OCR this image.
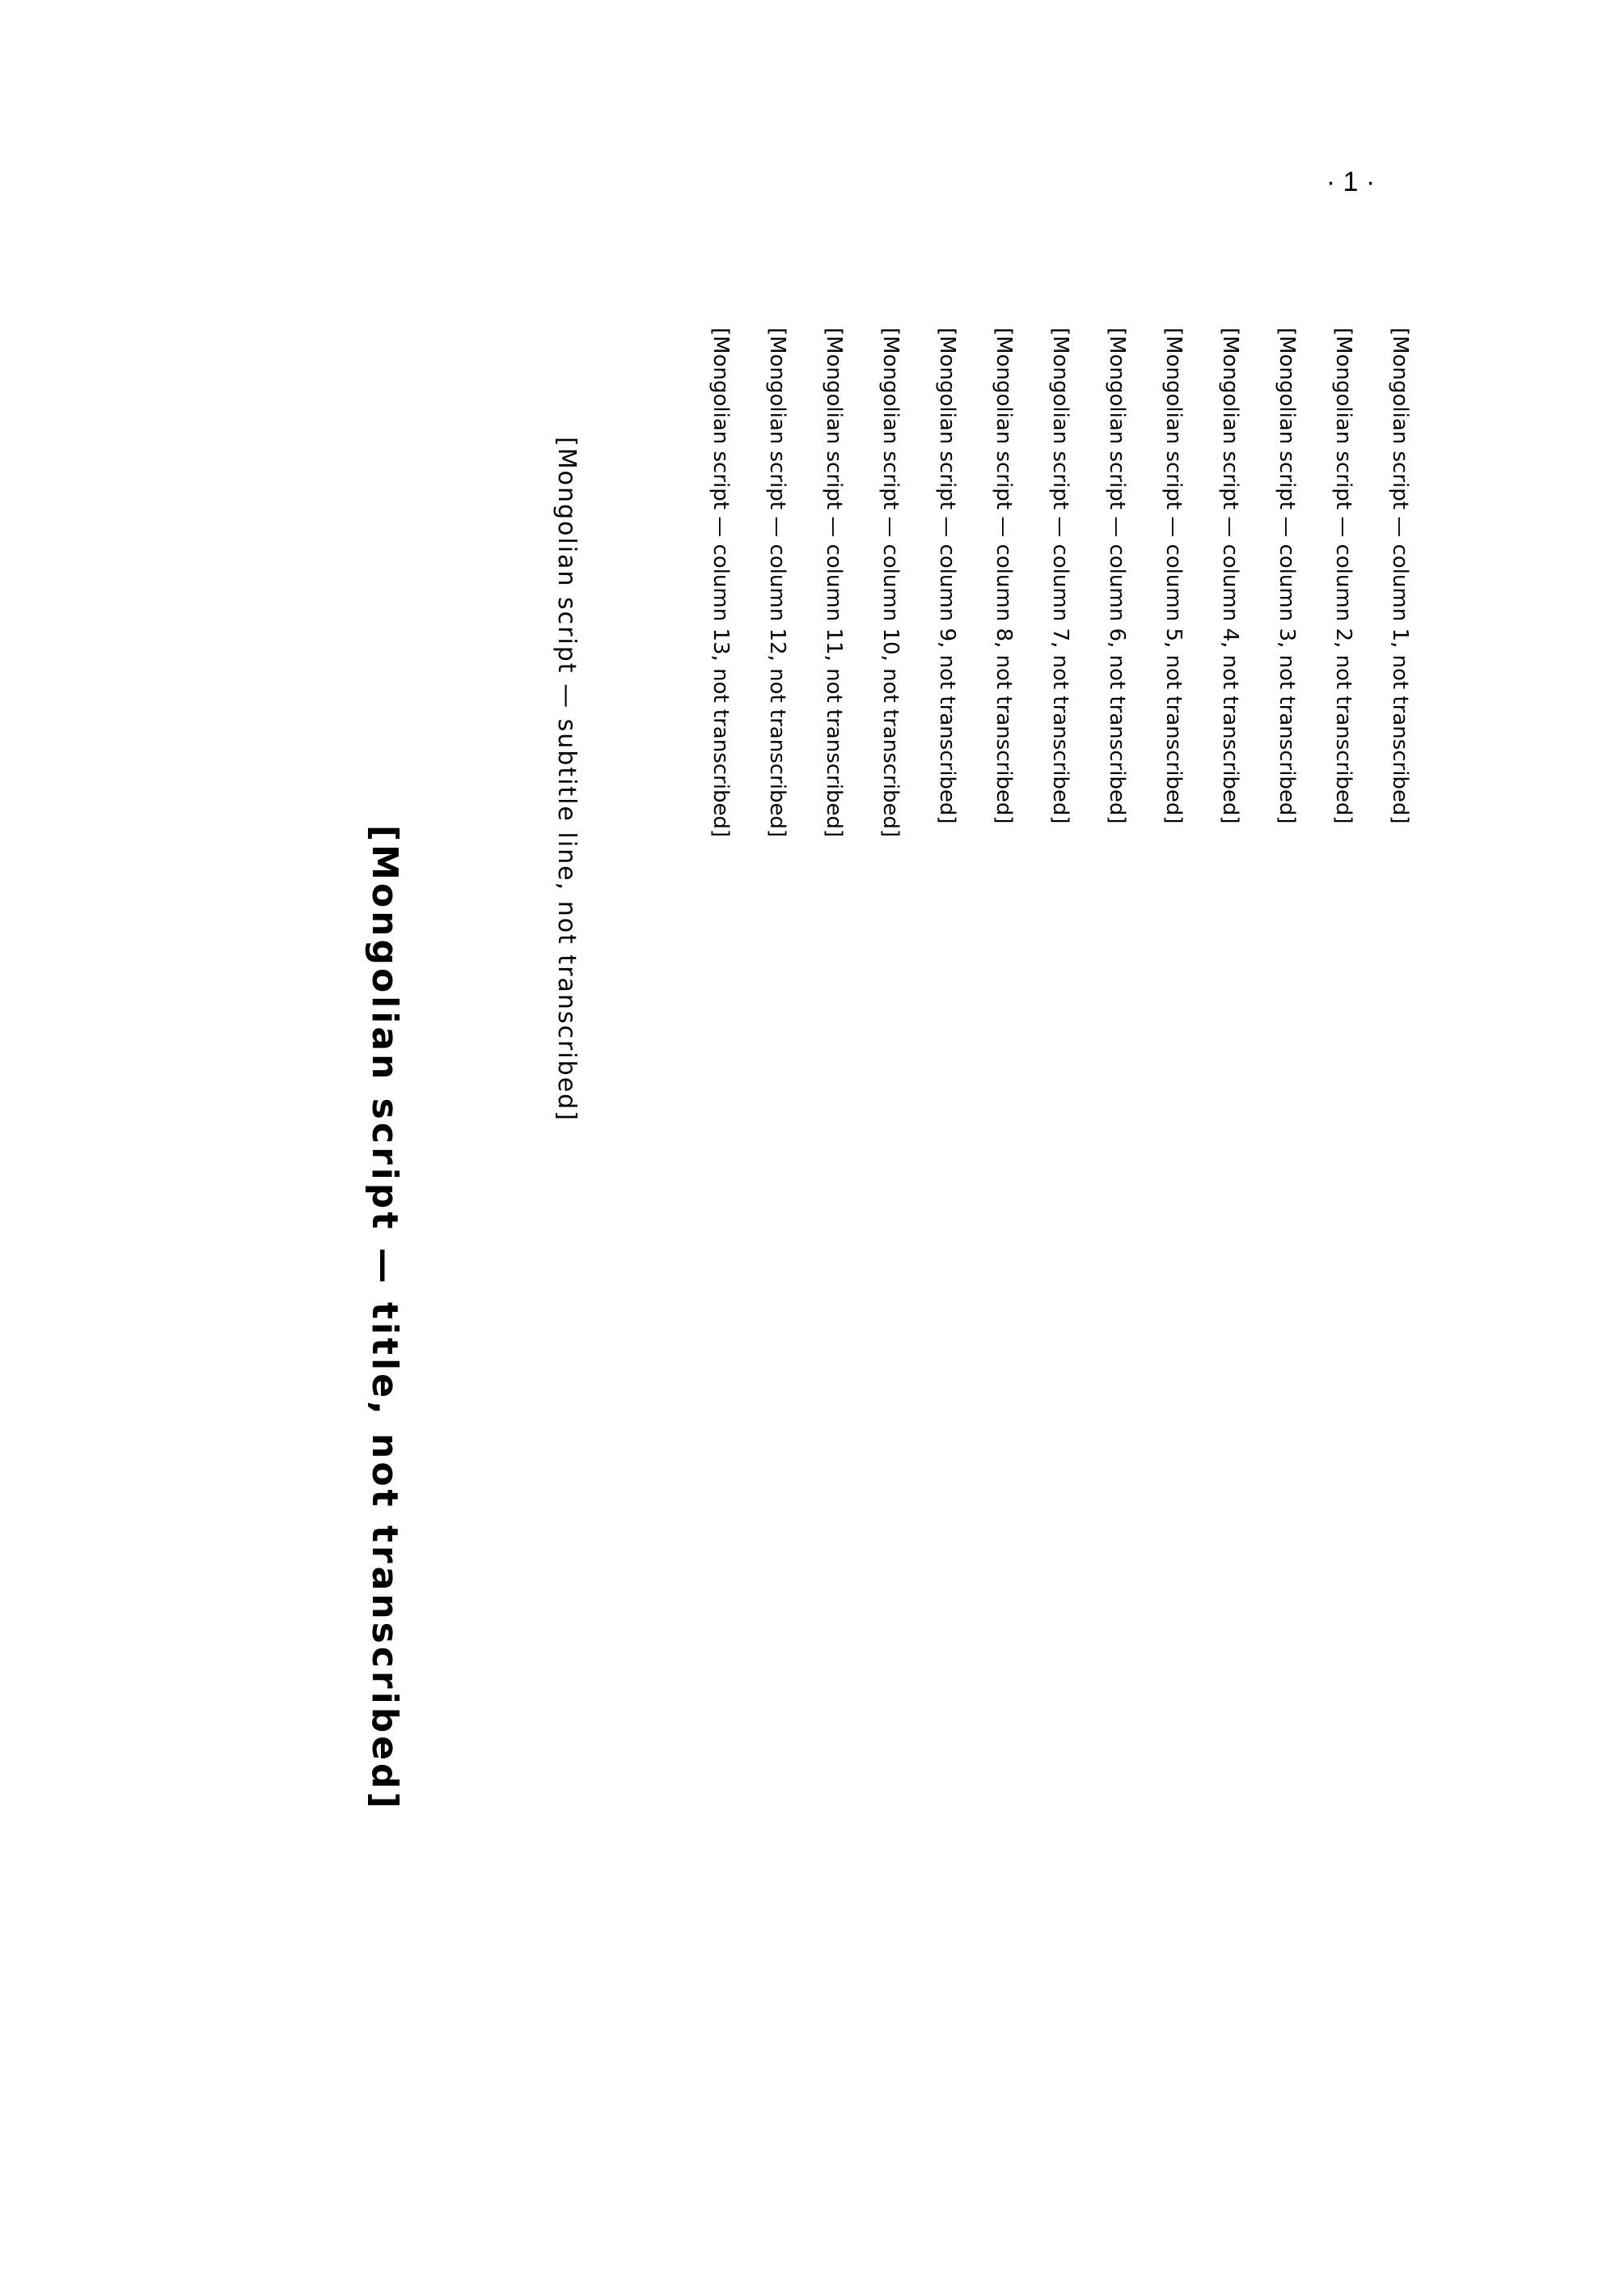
· 1 ·
[Mongolian script — title, not transcribed]
[Mongolian script — subtitle line, not transcribed]	[Mongolian script — column 13, not transcribed]	[Mongolian script — column 12, not transcribed]	[Mongolian script — column 11, not transcribed]	[Mongolian script — column 10, not transcribed]	[Mongolian script — column 9, not transcribed]	[Mongolian script — column 8, not transcribed]	[Mongolian script — column 7, not transcribed]	[Mongolian script — column 6, not transcribed]	[Mongolian script — column 5, not transcribed]	[Mongolian script — column 4, not transcribed]	[Mongolian script — column 3, not transcribed]	[Mongolian script — column 2, not transcribed]	[Mongolian script — column 1, not transcribed]
